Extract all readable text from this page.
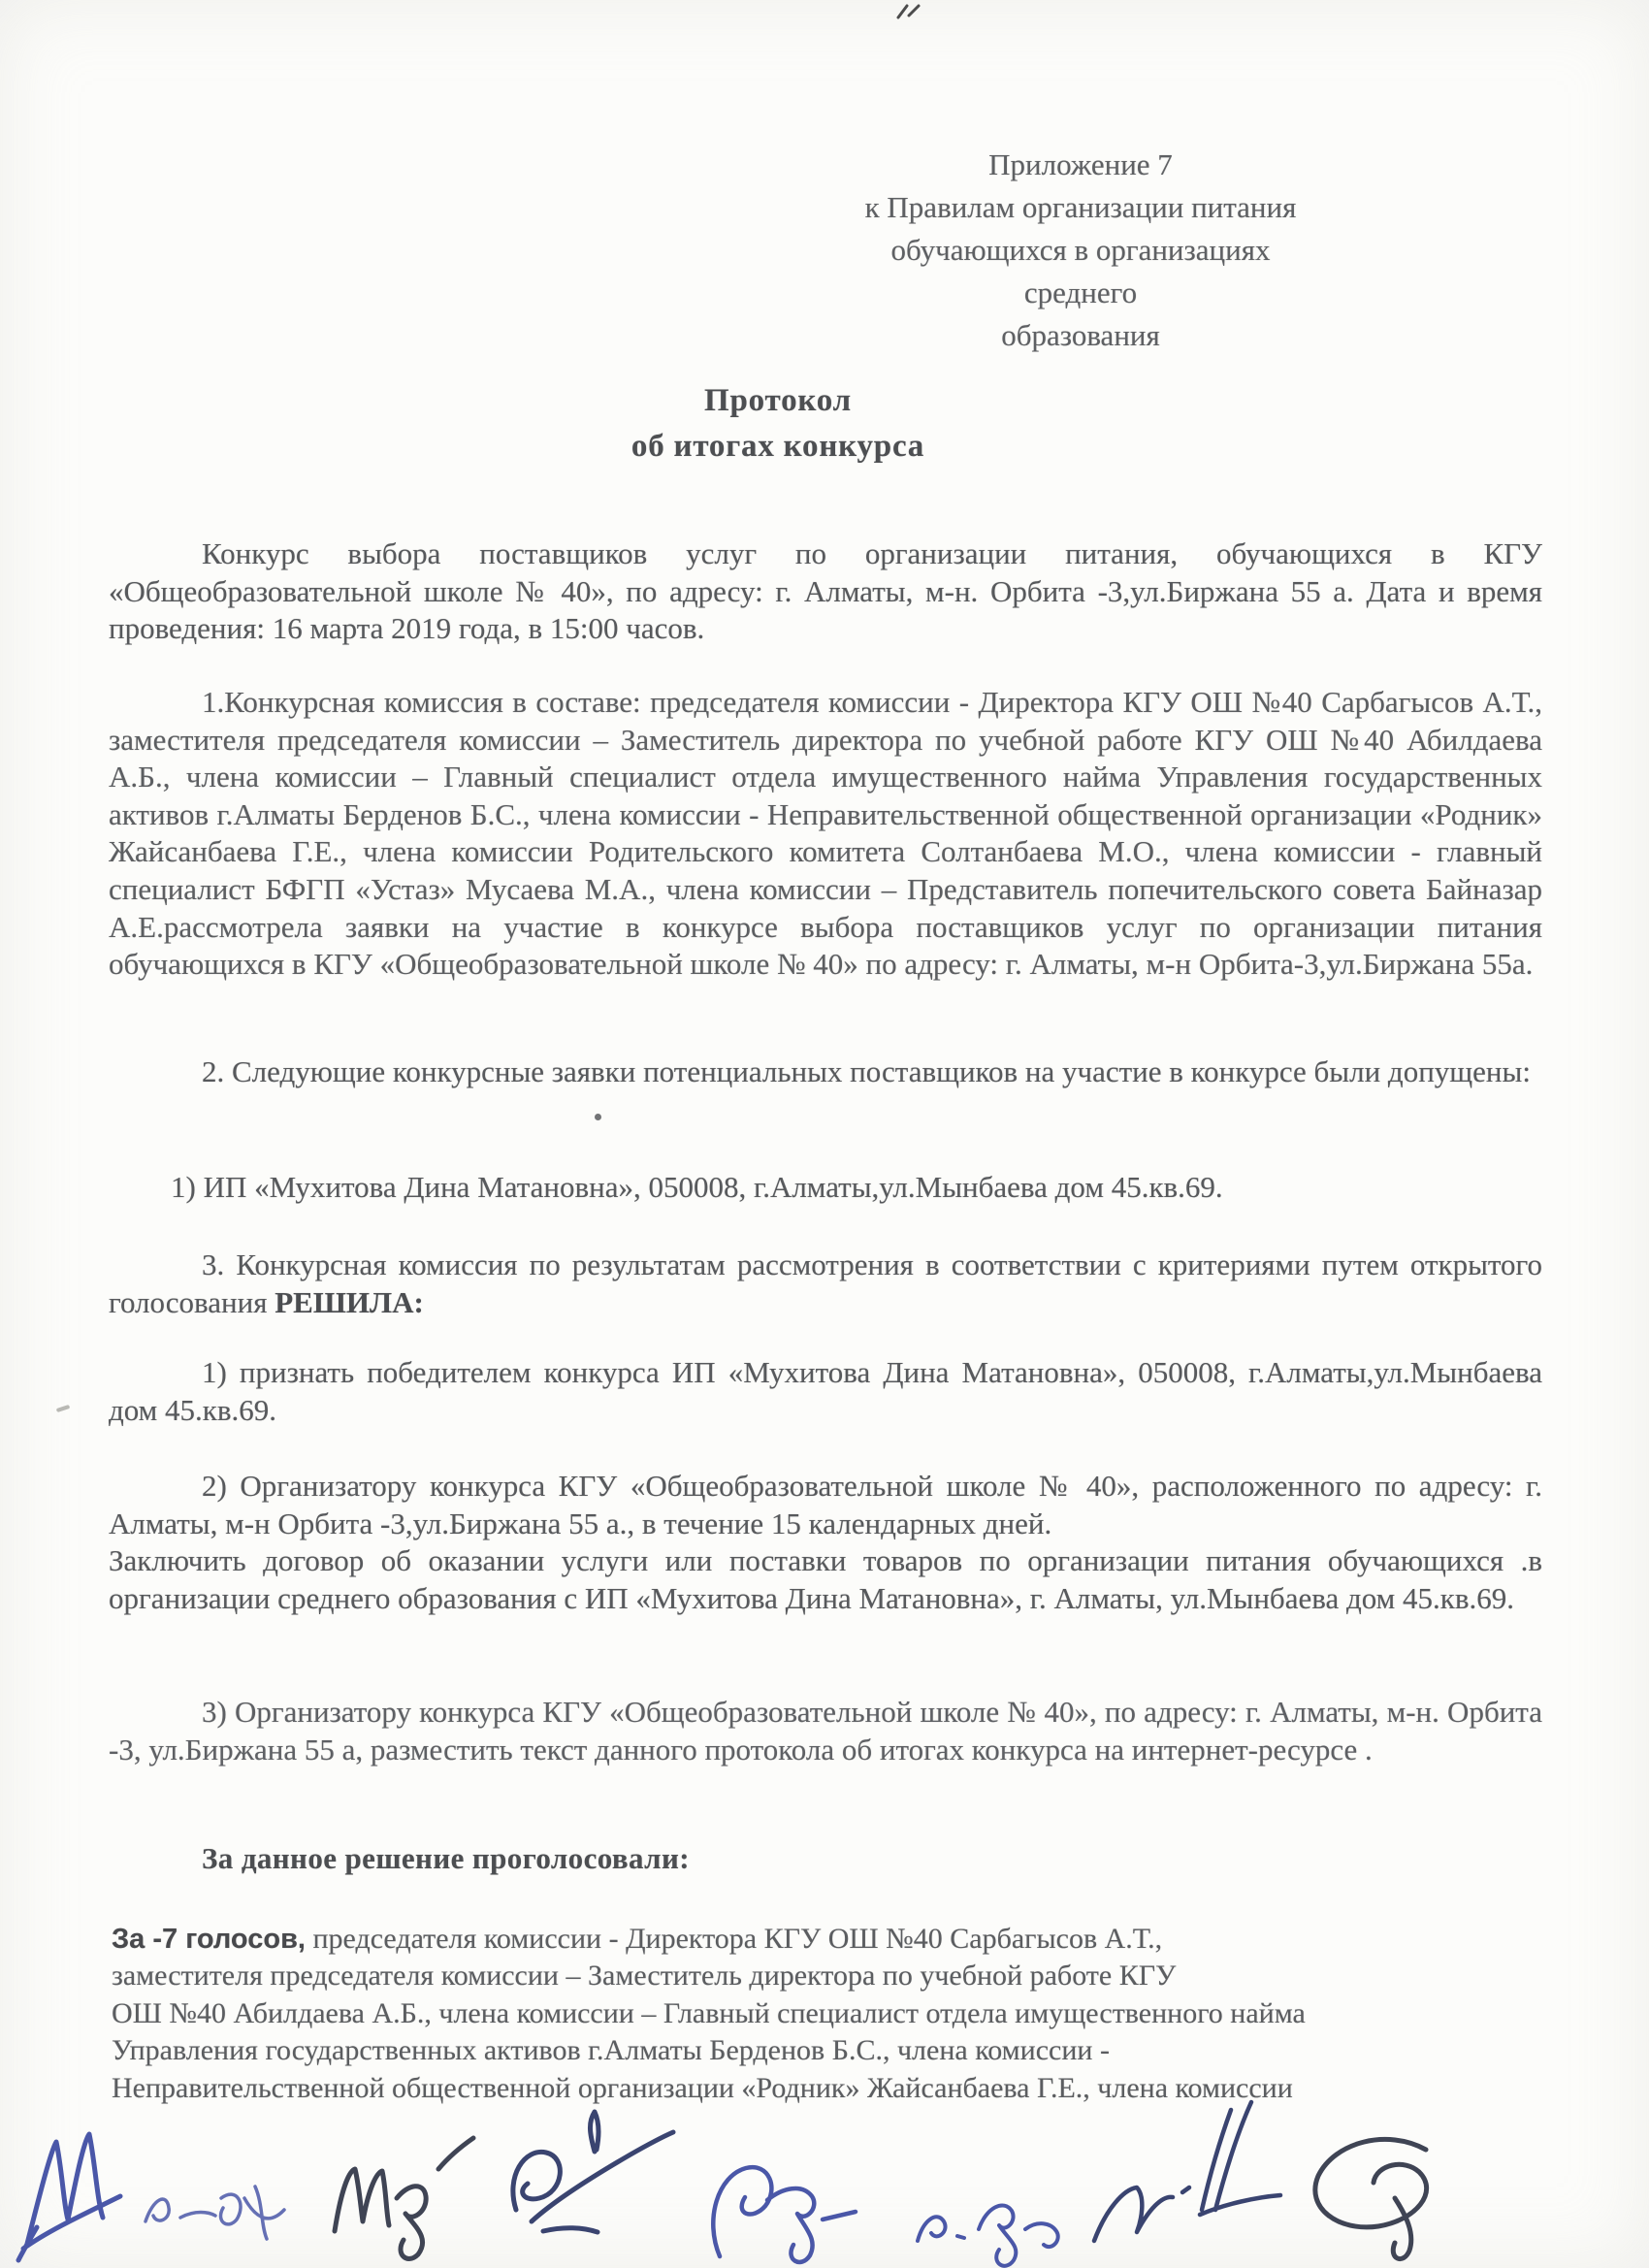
Приложение 7
к Правилам организации питания
обучающихся в организациях среднего
образования
Протокол
об итогах конкурса

Конкурс выбора поставщиков услуг по организации питания, обучающихся в КГУ «Общеобразовательной школе № 40», по адресу: г. Алматы, м-н. Орбита -3,ул.Биржана 55 а. Дата и время проведения: 16 марта 2019 года, в 15:00 часов.

1.Конкурсная комиссия в составе: председателя комиссии - Директора КГУ ОШ №40 Сарбагысов А.Т., заместителя председателя комиссии – Заместитель директора по учебной работе КГУ ОШ №40 Абилдаева А.Б., члена комиссии – Главный специалист отдела имущественного найма Управления государственных активов г.Алматы Берденов Б.С., члена комиссии - Неправительственной общественной организации «Родник» Жайсанбаева Г.Е., члена комиссии Родительского комитета Солтанбаева М.О., члена комиссии - главный специалист БФГП «Устаз» Мусаева М.А., члена комиссии – Представитель попечительского совета Байназар А.Е.рассмотрела заявки на участие в конкурсе выбора поставщиков услуг по организации питания обучающихся в КГУ «Общеобразовательной школе № 40» по адресу: г. Алматы, м-н Орбита-3,ул.Биржана 55а.

2. Следующие конкурсные заявки потенциальных поставщиков на участие в конкурсе были допущены:

1) ИП «Мухитова Дина Матановна», 050008, г.Алматы,ул.Мынбаева дом 45.кв.69.

3. Конкурсная комиссия по результатам рассмотрения в соответствии с критериями путем открытого голосования РЕШИЛА:

1) признать победителем конкурса ИП «Мухитова Дина Матановна», 050008, г.Алматы,ул.Мынбаева дом 45.кв.69.

2) Организатору конкурса КГУ «Общеобразовательной школе № 40», расположенного по адресу: г. Алматы, м-н Орбита -3,ул.Биржана 55 а., в течение 15 календарных дней.

Заключить договор об оказании услуги или поставки товаров по организации питания обучающихся .в организации среднего образования с ИП «Мухитова Дина Матановна», г. Алматы, ул.Мынбаева дом 45.кв.69.

3) Организатору конкурса КГУ «Общеобразовательной школе № 40», по адресу: г. Алматы, м-н. Орбита -3, ул.Биржана 55 а, разместить текст данного протокола об итогах конкурса на интернет-ресурсе .

За данное решение проголосовали:
За -7 голосов, председателя комиссии - Директора КГУ ОШ №40 Сарбагысов А.Т.,
заместителя председателя комиссии – Заместитель директора по учебной работе КГУ
ОШ №40 Абилдаева А.Б., члена комиссии – Главный специалист отдела имущественного найма
Управления государственных активов г.Алматы Берденов Б.С., члена комиссии -
Неправительственной общественной организации «Родник» Жайсанбаева Г.Е., члена комиссии
